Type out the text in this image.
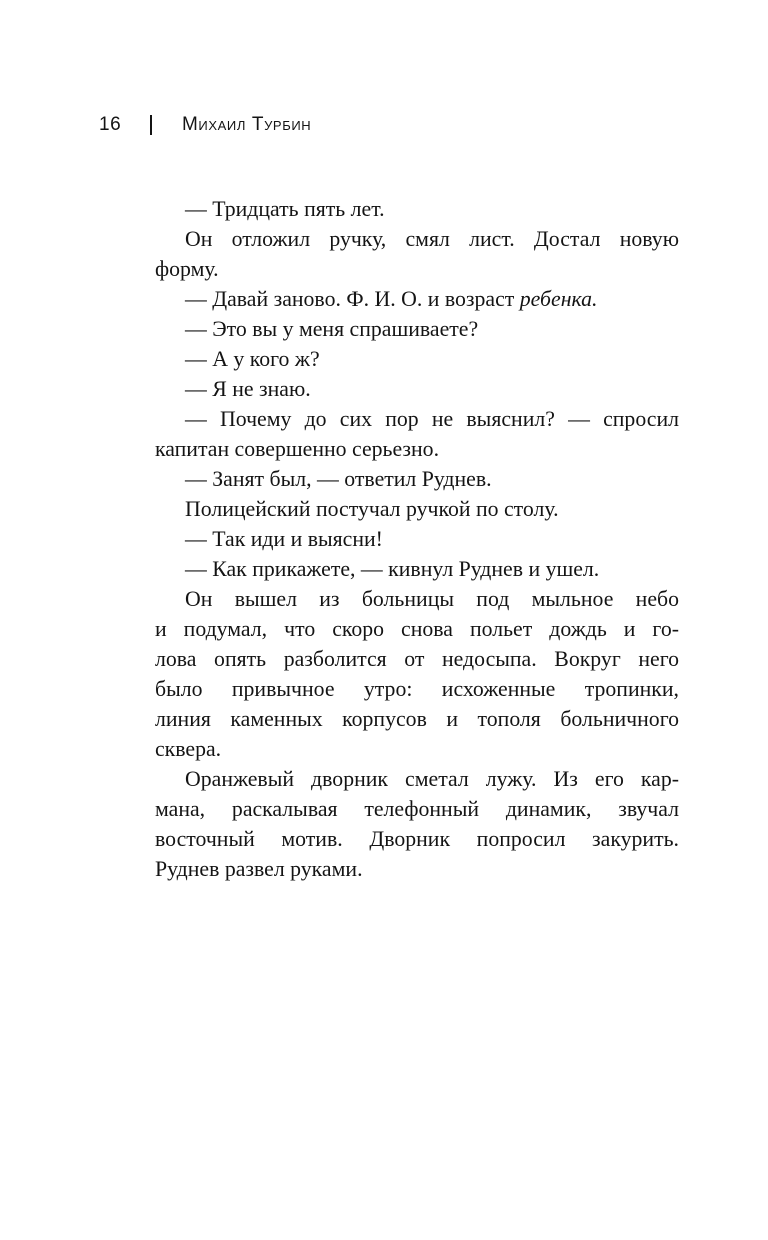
16	Михаил Турбин
— Тридцать пять лет.
Он отложил ручку, смял лист. Достал новую
форму.
— Давай заново. Ф. И. О. и возраст ребенка.
— Это вы у меня спрашиваете?
— А у кого ж?
— Я не знаю.
— Почему до сих пор не выяснил? — спросил
капитан совершенно серьезно.
— Занят был, — ответил Руднев.
Полицейский постучал ручкой по столу.
— Так иди и выясни!
— Как прикажете, — кивнул Руднев и ушел.
Он вышел из больницы под мыльное небо
и подумал, что скоро снова польет дождь и го-
лова опять разболится от недосыпа. Вокруг него
было привычное утро: исхоженные тропинки,
линия каменных корпусов и тополя больничного
сквера.
Оранжевый дворник сметал лужу. Из его кар-
мана, раскалывая телефонный динамик, звучал
восточный мотив. Дворник попросил закурить.
Руднев развел руками.
